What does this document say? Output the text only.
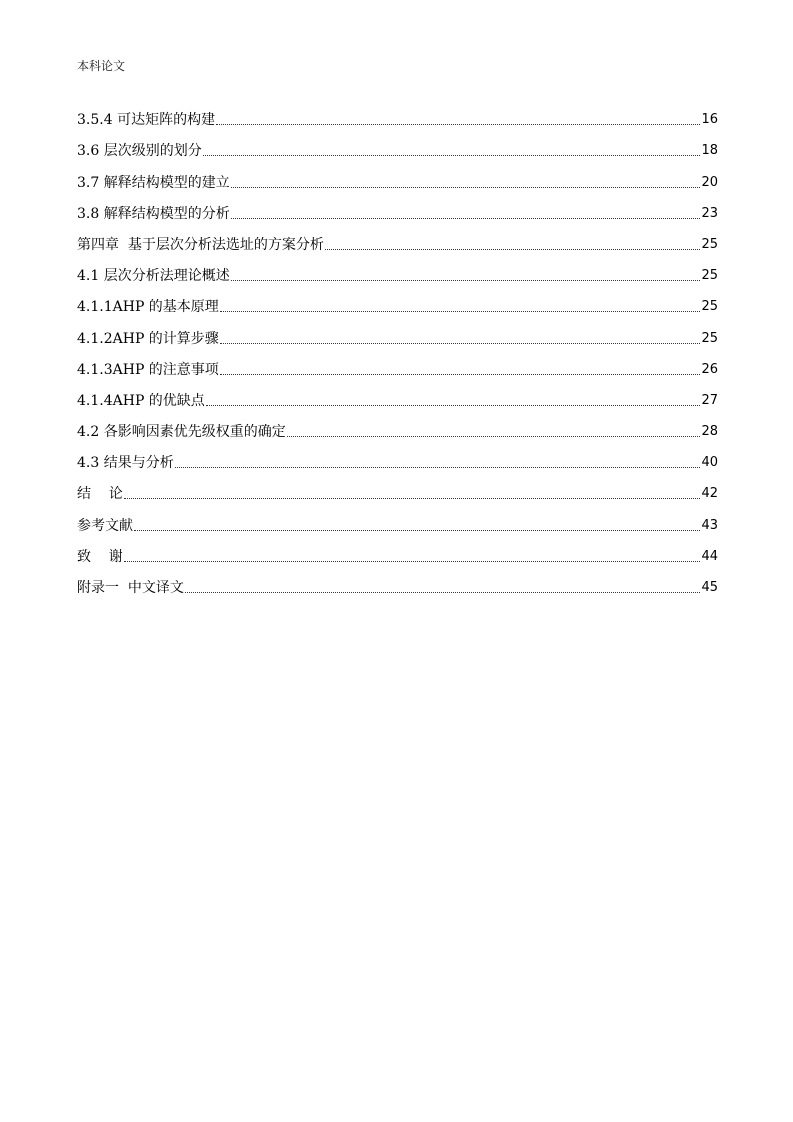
本科论文
3.5.4 可达矩阵的构建	16
3.6 层次级别的划分	18
3.7 解释结构模型的建立	20
3.8 解释结构模型的分析	23
第四章  基于层次分析法选址的方案分析	25
4.1 层次分析法理论概述	25
4.1.1AHP 的基本原理	25
4.1.2AHP 的计算步骤	25
4.1.3AHP 的注意事项	26
4.1.4AHP 的优缺点	27
4.2 各影响因素优先级权重的确定	28
4.3 结果与分析	40
结    论	42
参考文献	43
致    谢	44
附录一  中文译文	45
